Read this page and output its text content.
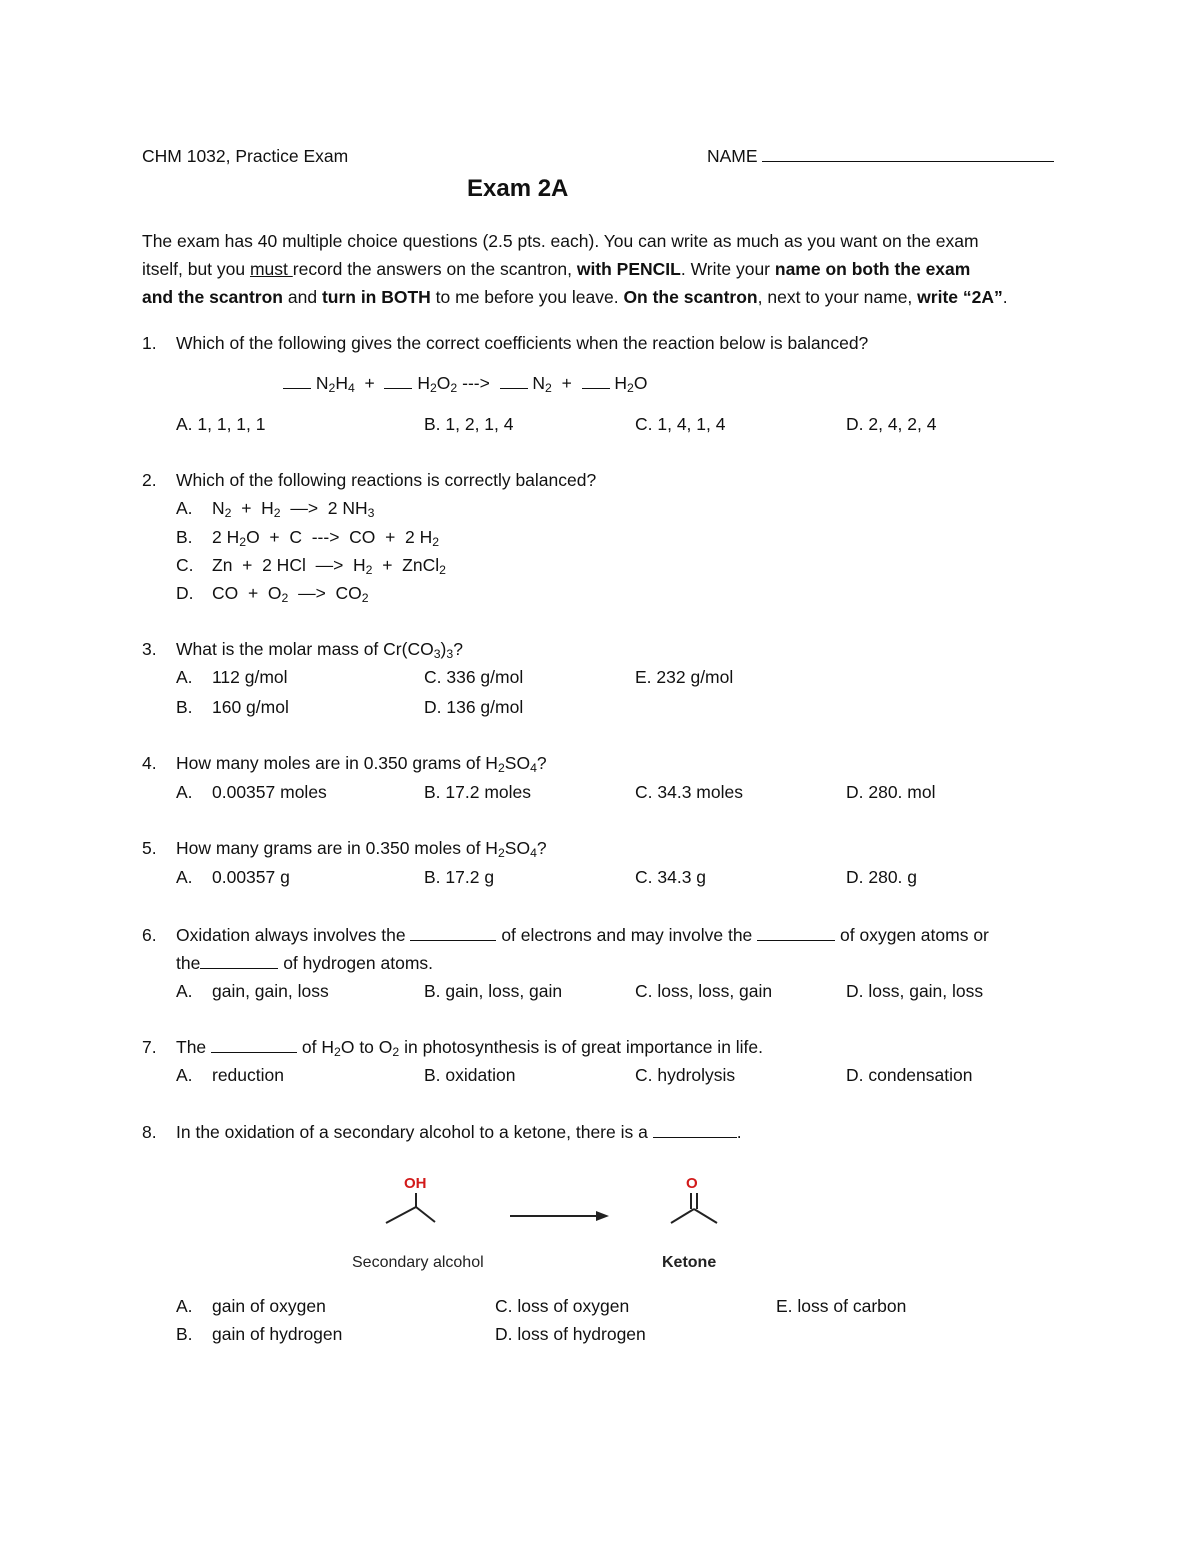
CHM 1032, Practice Exam	NAME
Exam 2A
The exam has 40 multiple choice questions (2.5 pts. each). You can write as much as you want on the exam
itself, but you must record the answers on the scantron, with PENCIL. Write your name on both the exam
and the scantron and turn in BOTH to me before you leave. On the scantron, next to your name, write “2A”.
1. Which of the following gives the correct coefficients when the reaction below is balanced?
$N_2H_4 + H_2O_2$ --->   $N_2 + H_2O$
A. 1, 1, 1, 1	B. 1, 2, 1, 4	C. 1, 4, 1, 4	D. 2, 4, 2, 4
2. Which of the following reactions is correctly balanced?
A. $N_2 + H_2$  —>  2 $NH_3$
B. 2 $H_2O + C$  --->  CO  +  2 $H_2$
C. Zn  +  2 HCl  —>  $H_2$  +  ZnCl$_2$
D. CO  +  $O_2$  —>  $CO_2$
3. What is the molar mass of $Cr(CO_3)_3$?
A. 112 g/mol	C. 336 g/mol	E. 232 g/mol
B. 160 g/mol	D. 136 g/mol
4. How many moles are in 0.350 grams of $H_2SO_4$?
A. 0.00357 moles	B. 17.2 moles	C. 34.3 moles	D. 280. mol
5. How many grams are in 0.350 moles of $H_2SO_4$?
A. 0.00357 g	B. 17.2 g	C. 34.3 g	D. 280. g
6. Oxidation always involves the	of electrons and may involve the	of oxygen atoms or
the	of hydrogen atoms.
A. gain, gain, loss	B. gain, loss, gain	C. loss, loss, gain	D. loss, gain, loss
7. The	of $H_2O$ to $O_2$ in photosynthesis is of great importance in life.
A. reduction	B. oxidation	C. hydrolysis	D. condensation
8. In the oxidation of a secondary alcohol to a ketone, there is a	.
OH	O
Secondary alcohol	Ketone
A. gain of oxygen	C. loss of oxygen	E. loss of carbon
B. gain of hydrogen	D. loss of hydrogen
